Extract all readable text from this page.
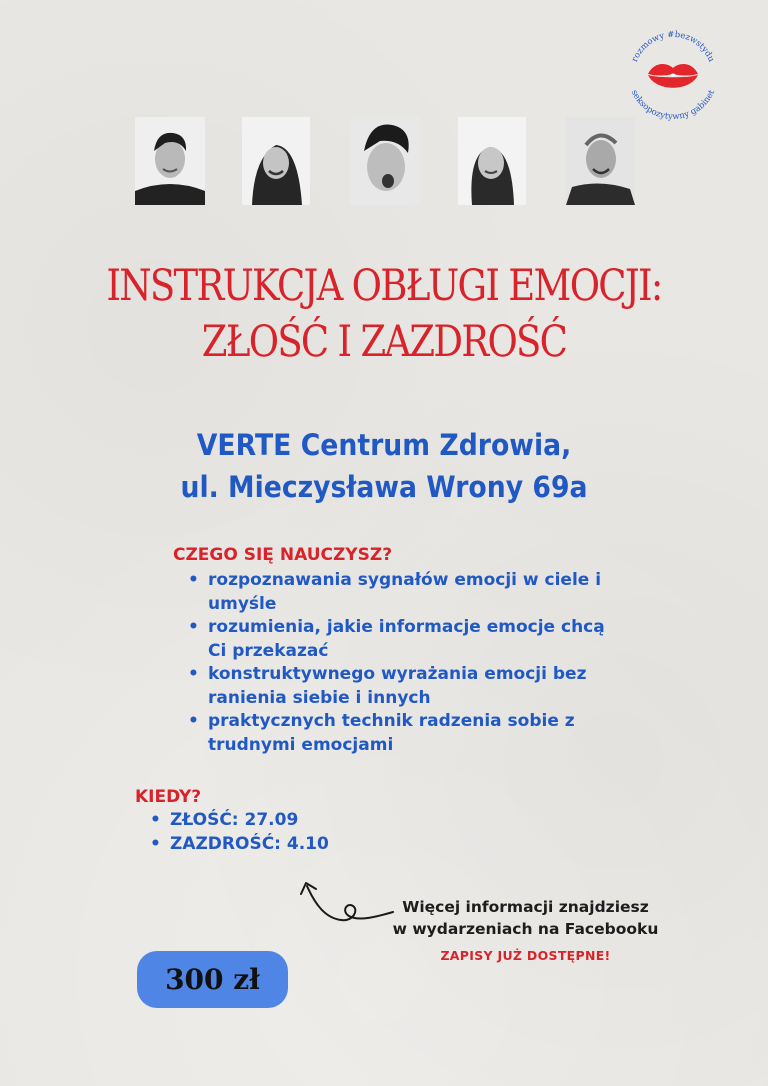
rozmowy #bezwstydu
seksopozytywny gabinet
INSTRUKCJA OBŁUGI EMOCJI:
ZŁOŚĆ I ZAZDROŚĆ
VERTE Centrum Zdrowia,
ul. Mieczysława Wrony 69a
CZEGO SIĘ NAUCZYSZ?
• rozpoznawania sygnałów emocji w ciele i
umyśle
• rozumienia, jakie informacje emocje chcą
Ci przekazać
• konstruktywnego wyrażania emocji bez
ranienia siebie i innych
• praktycznych technik radzenia sobie z
trudnymi emocjami
KIEDY?
• ZŁOŚĆ: 27.09
• ZAZDROŚĆ: 4.10
Więcej informacji znajdziesz
w wydarzeniach na Facebooku
ZAPISY JUŻ DOSTĘPNE!
300 zł
